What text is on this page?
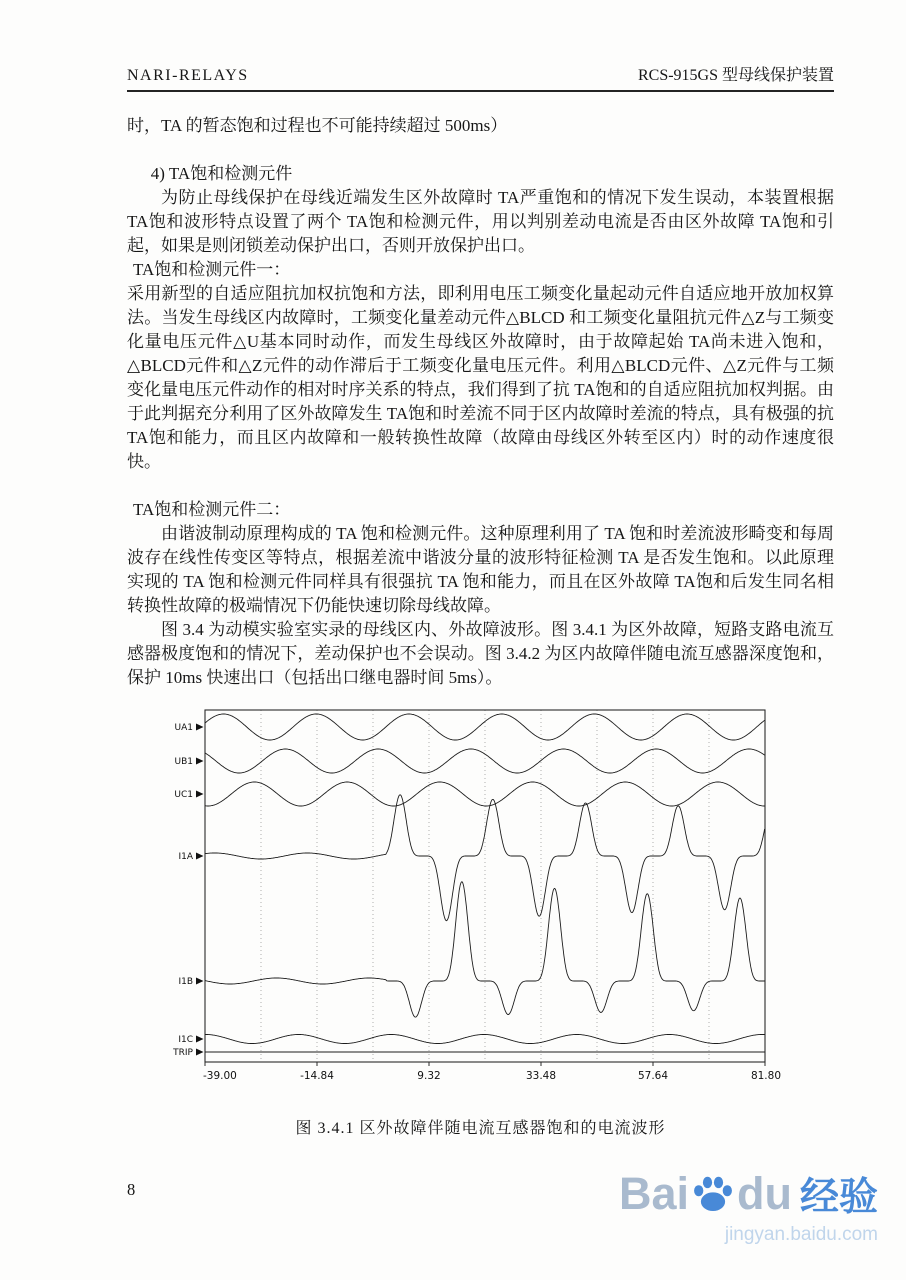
NARI-RELAYS	RCS-915GS 型母线保护装置

时，TA 的暂态饱和过程也不可能持续超过 500ms）

4) TA饱和检测元件

为防止母线保护在母线近端发生区外故障时 TA严重饱和的情况下发生误动，本装置根据 TA饱和波形特点设置了两个 TA饱和检测元件，用以判别差动电流是否由区外故障 TA饱和引起，如果是则闭锁差动保护出口，否则开放保护出口。

TA饱和检测元件一：

采用新型的自适应阻抗加权抗饱和方法，即利用电压工频变化量起动元件自适应地开放加权算法。当发生母线区内故障时，工频变化量差动元件△BLCD 和工频变化量阻抗元件△Z与工频变化量电压元件△U基本同时动作，而发生母线区外故障时，由于故障起始 TA尚未进入饱和，△BLCD元件和△Z元件的动作滞后于工频变化量电压元件。利用△BLCD元件、△Z元件与工频变化量电压元件动作的相对时序关系的特点，我们得到了抗 TA饱和的自适应阻抗加权判据。由于此判据充分利用了区外故障发生 TA饱和时差流不同于区内故障时差流的特点，具有极强的抗 TA饱和能力，而且区内故障和一般转换性故障（故障由母线区外转至区内）时的动作速度很快。

TA饱和检测元件二：

由谐波制动原理构成的 TA 饱和检测元件。这种原理利用了 TA 饱和时差流波形畸变和每周波存在线性传变区等特点，根据差流中谐波分量的波形特征检测 TA 是否发生饱和。以此原理实现的 TA 饱和检测元件同样具有很强抗 TA 饱和能力，而且在区外故障 TA饱和后发生同名相转换性故障的极端情况下仍能快速切除母线故障。

图 3.4 为动模实验室实录的母线区内、外故障波形。图 3.4.1 为区外故障，短路支路电流互感器极度饱和的情况下，差动保护也不会误动。图 3.4.2 为区内故障伴随电流互感器深度饱和，保护 10ms 快速出口（包括出口继电器时间 5ms）。

UA1
UB1
UC1
I1A
I1B
I1C
TRIP
-39.00	-14.84	9.32	33.48	57.64	81.80
图 3.4.1 区外故障伴随电流互感器饱和的电流波形
8	Bai du 经验
jingyan.baidu.com
